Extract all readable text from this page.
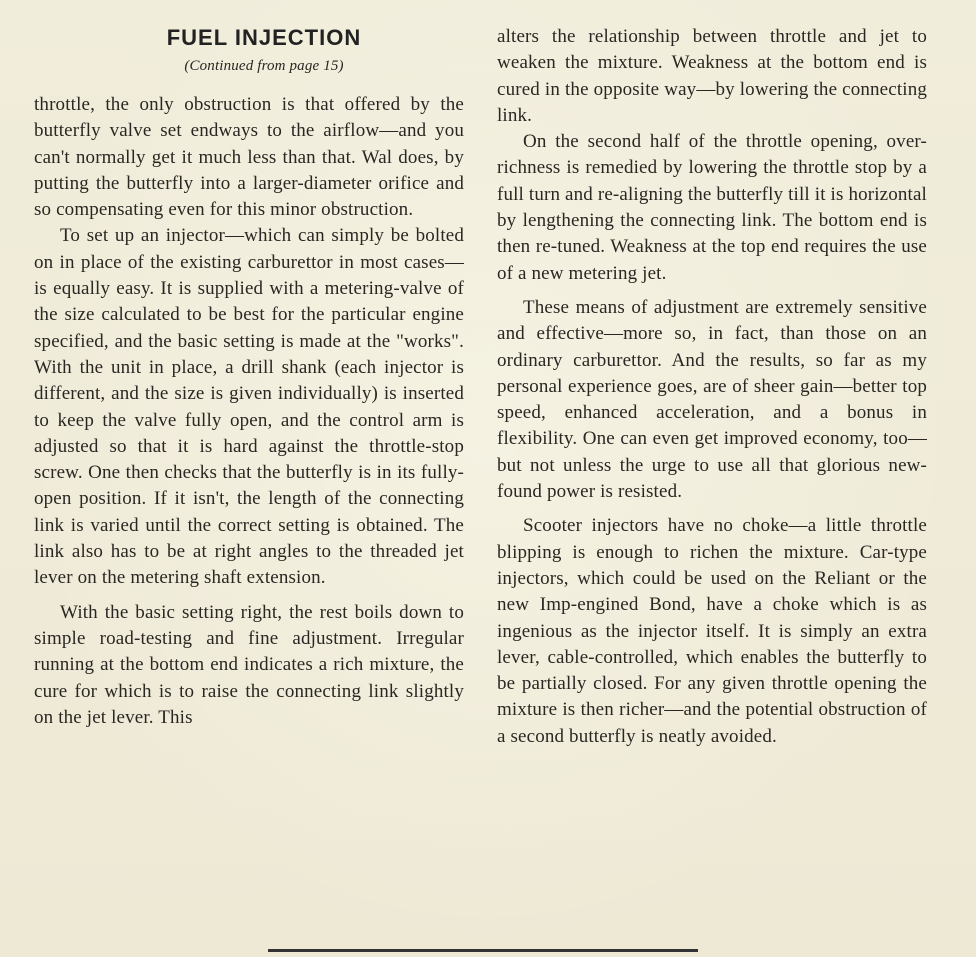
FUEL INJECTION
(Continued from page 15)

throttle, the only obstruction is that offered by the butterfly valve set endways to the airflow—and you can't normally get it much less than that. Wal does, by putting the butterfly into a larger-diameter orifice and so compensating even for this minor obstruction.

To set up an injector—which can simply be bolted on in place of the existing carburettor in most cases—is equally easy. It is supplied with a metering-valve of the size calculated to be best for the particular engine specified, and the basic setting is made at the "works". With the unit in place, a drill shank (each injector is different, and the size is given individually) is inserted to keep the valve fully open, and the control arm is adjusted so that it is hard against the throttle-stop screw. One then checks that the butterfly is in its fully-open position. If it isn't, the length of the connecting link is varied until the correct setting is obtained. The link also has to be at right angles to the threaded jet lever on the metering shaft extension.

With the basic setting right, the rest boils down to simple road-testing and fine adjustment. Irregular running at the bottom end indicates a rich mixture, the cure for which is to raise the connecting link slightly on the jet lever. This

alters the relationship between throttle and jet to weaken the mixture. Weakness at the bottom end is cured in the opposite way—by lowering the connecting link.

On the second half of the throttle opening, over-richness is remedied by lowering the throttle stop by a full turn and re-aligning the butterfly till it is horizontal by lengthening the connecting link. The bottom end is then re-tuned. Weakness at the top end requires the use of a new metering jet.

These means of adjustment are extremely sensitive and effective—more so, in fact, than those on an ordinary carburettor. And the results, so far as my personal experience goes, are of sheer gain—better top speed, enhanced acceleration, and a bonus in flexibility. One can even get improved economy, too—but not unless the urge to use all that glorious new-found power is resisted.

Scooter injectors have no choke—a little throttle blipping is enough to richen the mixture. Car-type injectors, which could be used on the Reliant or the new Imp-engined Bond, have a choke which is as ingenious as the injector itself. It is simply an extra lever, cable-controlled, which enables the butterfly to be partially closed. For any given throttle opening the mixture is then richer—and the potential obstruction of a second butterfly is neatly avoided.
